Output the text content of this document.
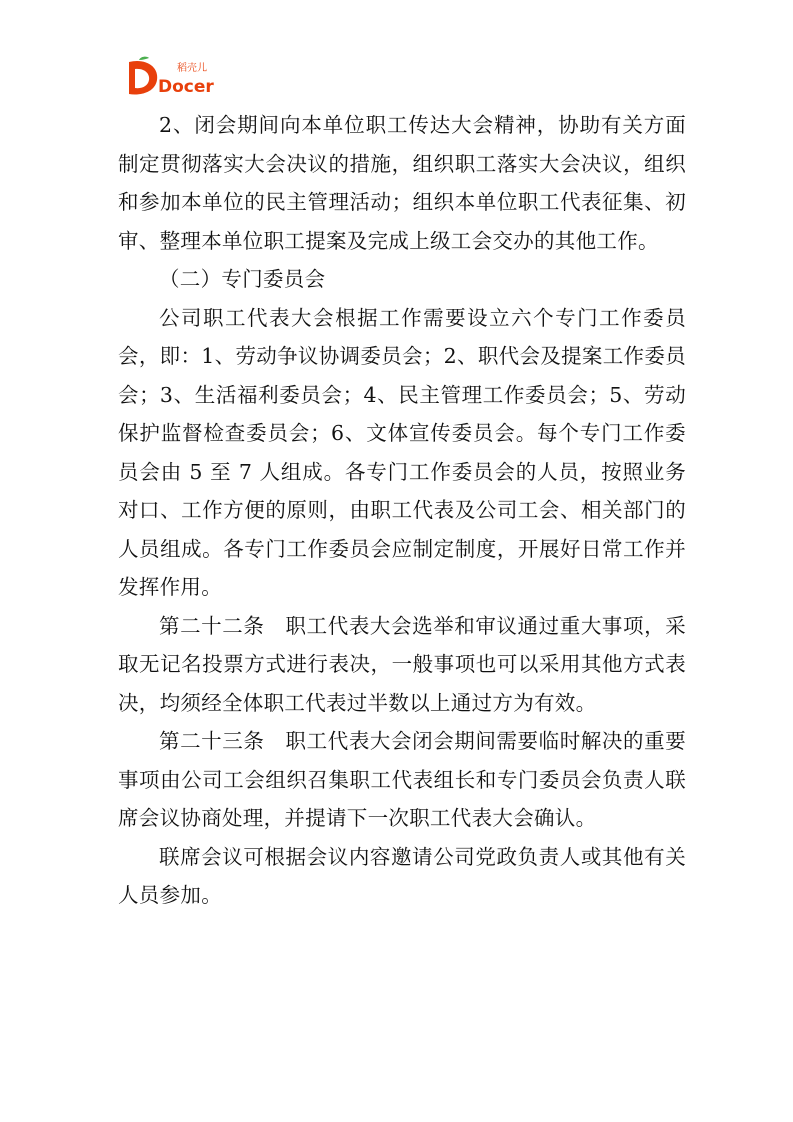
Docer
稻壳儿

2、闭会期间向本单位职工传达大会精神，协助有关方面制定贯彻落实大会决议的措施，组织职工落实大会决议，组织和参加本单位的民主管理活动；组织本单位职工代表征集、初审、整理本单位职工提案及完成上级工会交办的其他工作。

（二）专门委员会

公司职工代表大会根据工作需要设立六个专门工作委员会，即：1、劳动争议协调委员会；2、职代会及提案工作委员会；3、生活福利委员会；4、民主管理工作委员会；5、劳动保护监督检查委员会；6、文体宣传委员会。每个专门工作委员会由 5 至 7 人组成。各专门工作委员会的人员，按照业务对口、工作方便的原则，由职工代表及公司工会、相关部门的人员组成。各专门工作委员会应制定制度，开展好日常工作并发挥作用。

第二十二条　职工代表大会选举和审议通过重大事项，采取无记名投票方式进行表决，一般事项也可以采用其他方式表决，均须经全体职工代表过半数以上通过方为有效。

第二十三条　职工代表大会闭会期间需要临时解决的重要事项由公司工会组织召集职工代表组长和专门委员会负责人联席会议协商处理，并提请下一次职工代表大会确认。

联席会议可根据会议内容邀请公司党政负责人或其他有关人员参加。
